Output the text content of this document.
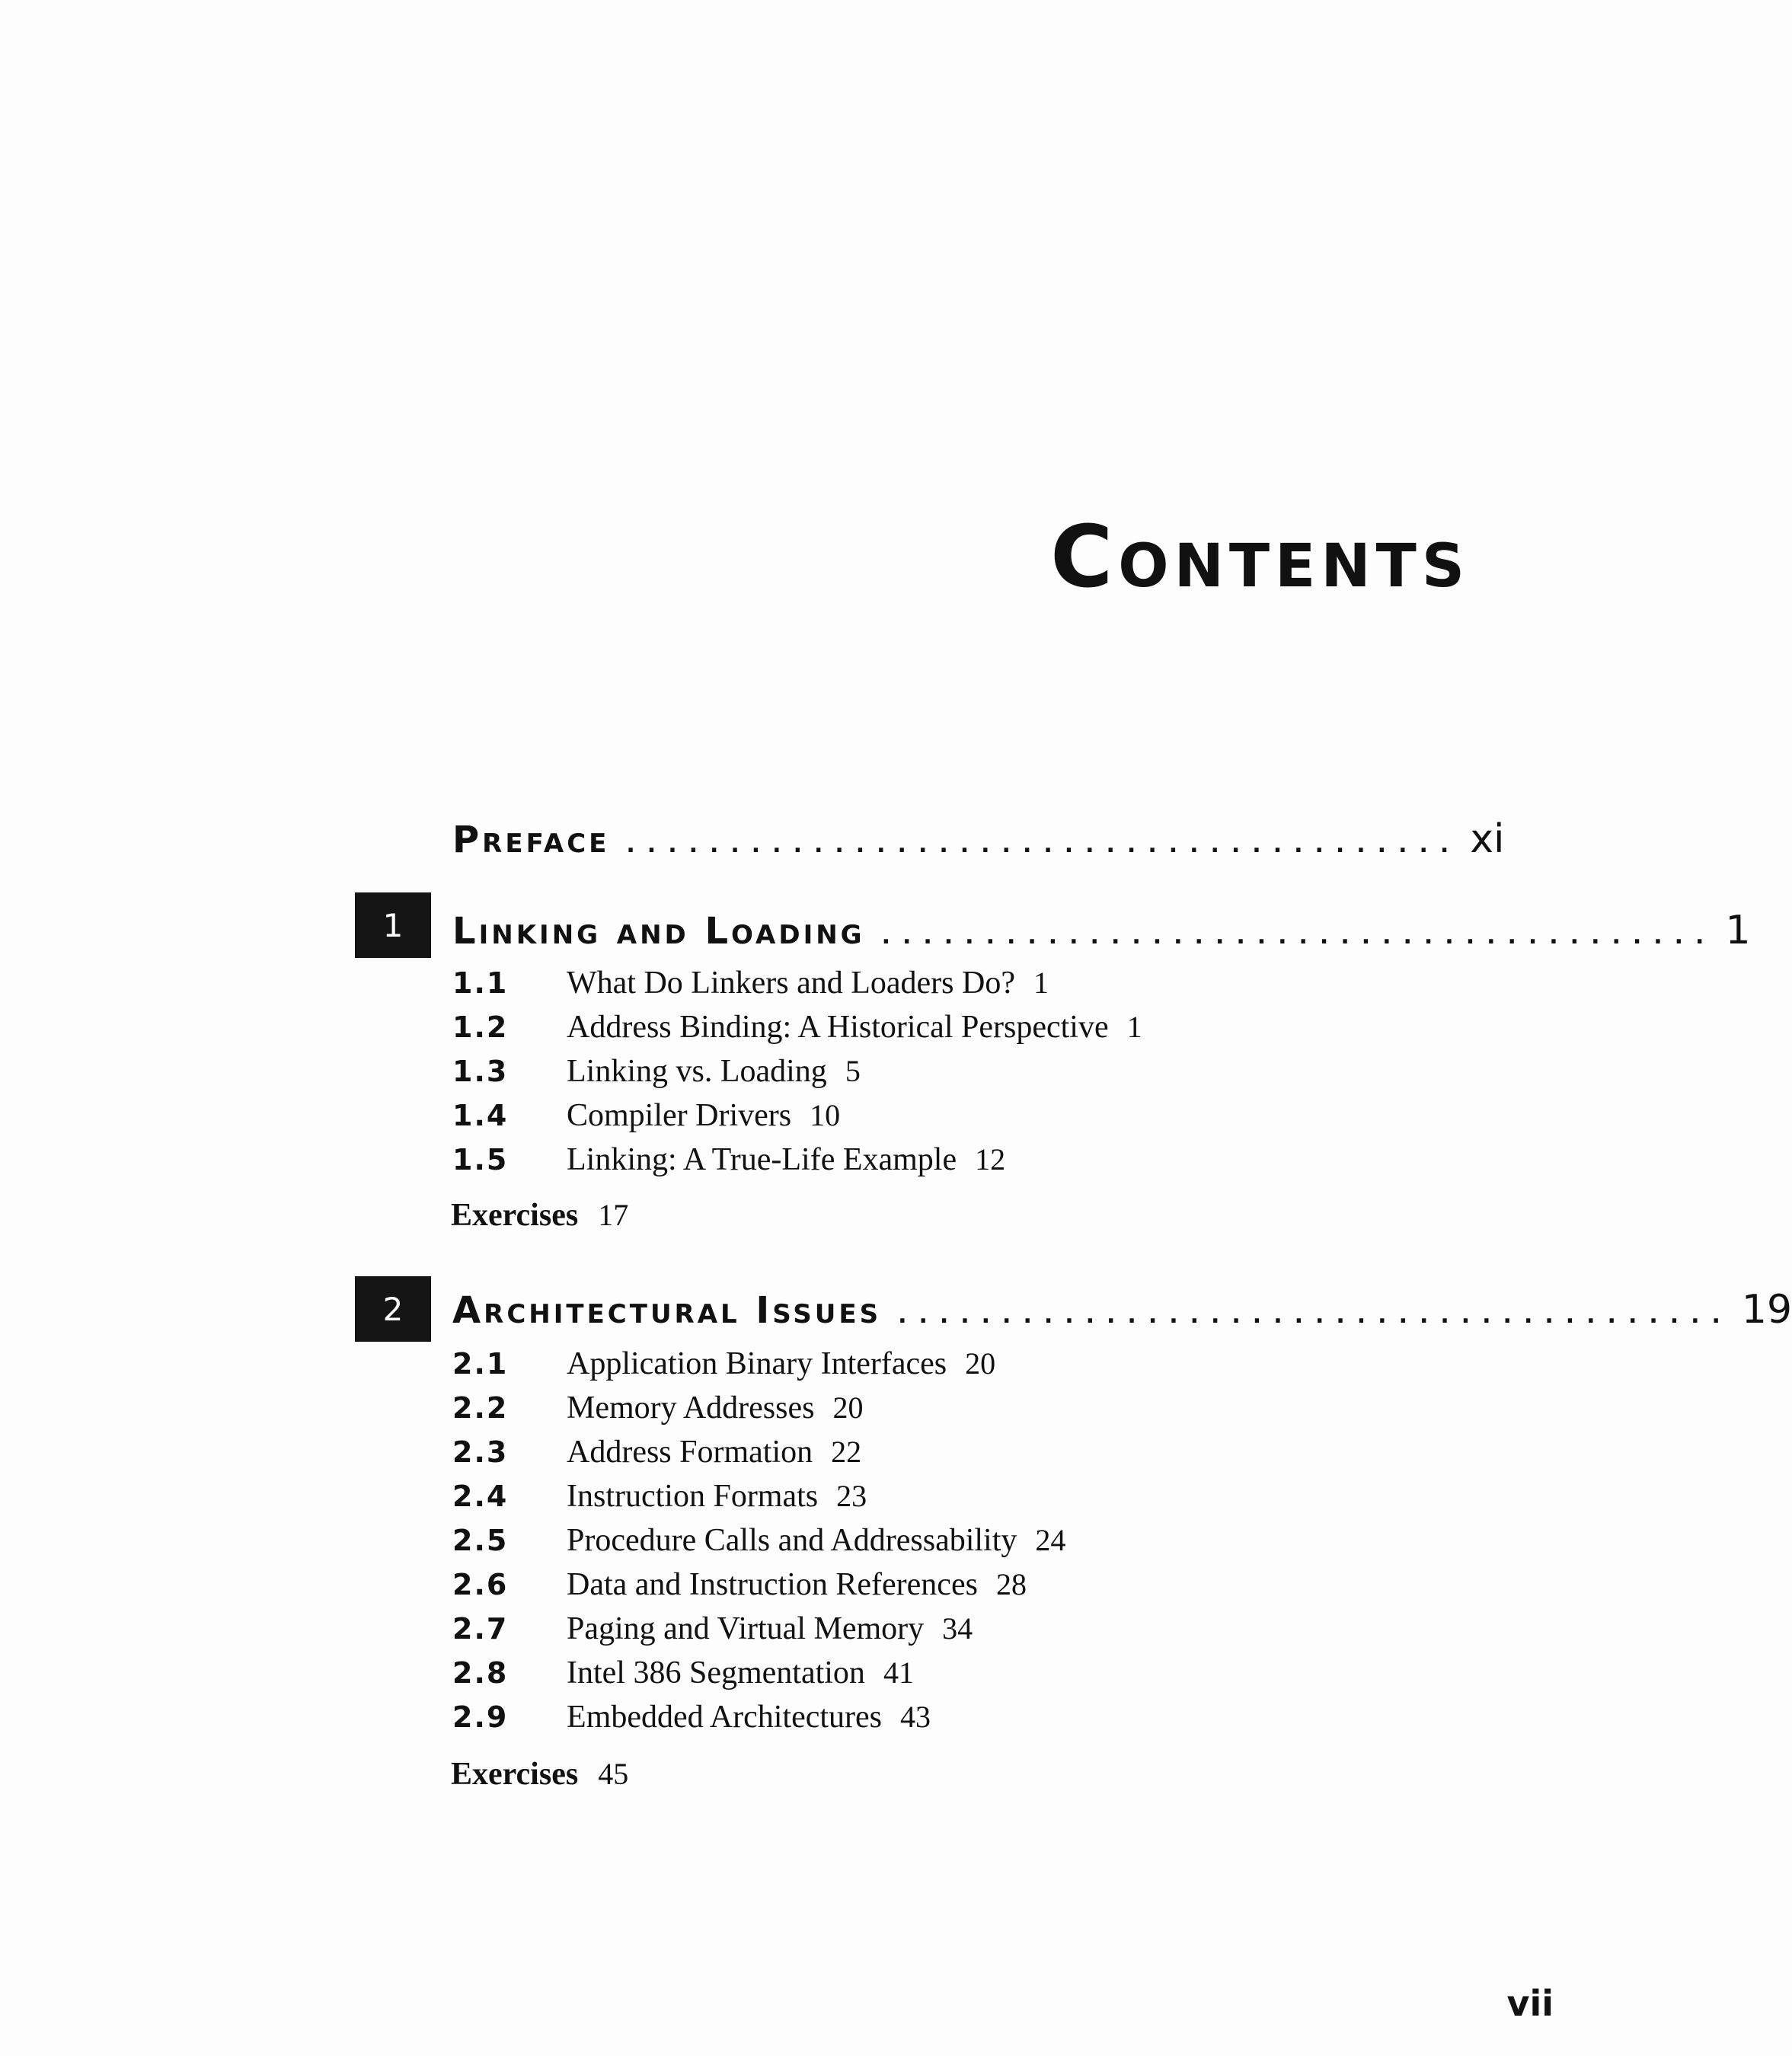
Contents
Preface ........................................ xi
1	Linking and Loading ........................................ 1
1.1	What Do Linkers and Loaders Do? 1
1.2	Address Binding: A Historical Perspective 1
1.3	Linking vs. Loading 5
1.4	Compiler Drivers 10
1.5	Linking: A True-Life Example 12
Exercises 17
2	Architectural Issues ........................................ 19
2.1	Application Binary Interfaces 20
2.2	Memory Addresses 20
2.3	Address Formation 22
2.4	Instruction Formats 23
2.5	Procedure Calls and Addressability 24
2.6	Data and Instruction References 28
2.7	Paging and Virtual Memory 34
2.8	Intel 386 Segmentation 41
2.9	Embedded Architectures 43
Exercises 45
vii
